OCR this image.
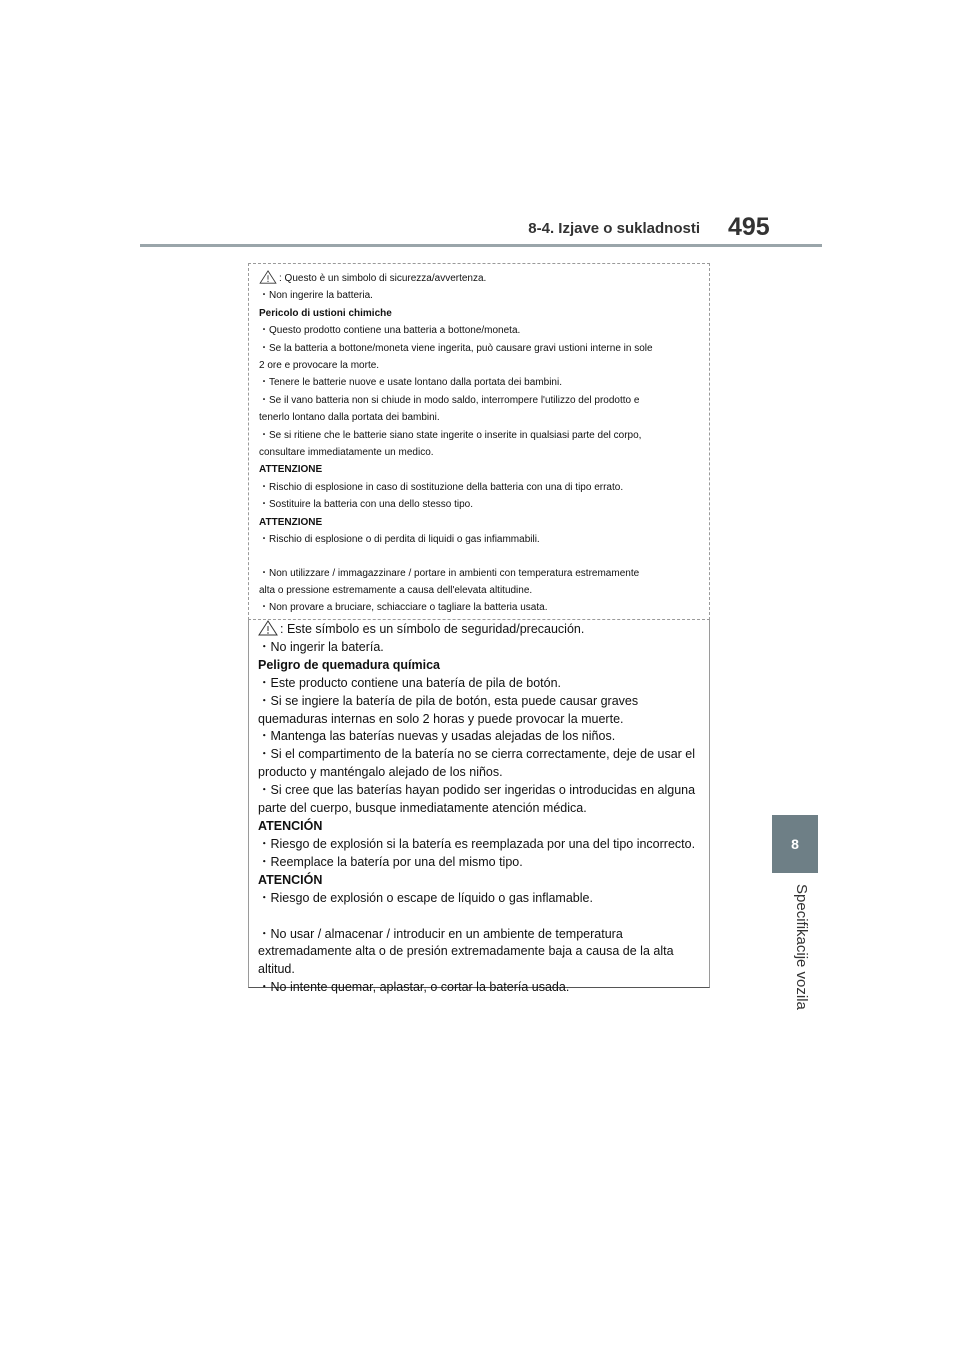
8-4. Izjave o sukladnosti 495
8
Specifikacije vozila
: Questo è un simbolo di sicurezza/avvertenza.
・Non ingerire la batteria.
Pericolo di ustioni chimiche
・Questo prodotto contiene una batteria a bottone/moneta.
・Se la batteria a bottone/moneta viene ingerita, può causare gravi ustioni interne in sole
2 ore e provocare la morte.
・Tenere le batterie nuove e usate lontano dalla portata dei bambini.
・Se il vano batteria non si chiude in modo saldo, interrompere l'utilizzo del prodotto e
tenerlo lontano dalla portata dei bambini.
・Se si ritiene che le batterie siano state ingerite o inserite in qualsiasi parte del corpo,
consultare immediatamente un medico.
ATTENZIONE
・Rischio di esplosione in caso di sostituzione della batteria con una di tipo errato.
・Sostituire la batteria con una dello stesso tipo.
ATTENZIONE
・Rischio di esplosione o di perdita di liquidi o gas infiammabili.
・Non utilizzare / immagazzinare / portare in ambienti con temperatura estremamente
alta o pressione estremamente a causa dell'elevata altitudine.
・Non provare a bruciare, schiacciare o tagliare la batteria usata.
: Este símbolo es un símbolo de seguridad/precaución.
・No ingerir la batería.
Peligro de quemadura química
・Este producto contiene una batería de pila de botón.
・Si se ingiere la batería de pila de botón, esta puede causar graves
quemaduras internas en solo 2 horas y puede provocar la muerte.
・Mantenga las baterías nuevas y usadas alejadas de los niños.
・Si el compartimento de la batería no se cierra correctamente, deje de usar el
producto y manténgalo alejado de los niños.
・Si cree que las baterías hayan podido ser ingeridas o introducidas en alguna
parte del cuerpo, busque inmediatamente atención médica.
ATENCIÓN
・Riesgo de explosión si la batería es reemplazada por una del tipo incorrecto.
・Reemplace la batería por una del mismo tipo.
ATENCIÓN
・Riesgo de explosión o escape de líquido o gas inflamable.
・No usar / almacenar / introducir en un ambiente de temperatura
extremadamente alta o de presión extremadamente baja a causa de la alta
altitud.
・No intente quemar, aplastar, o cortar la batería usada.
